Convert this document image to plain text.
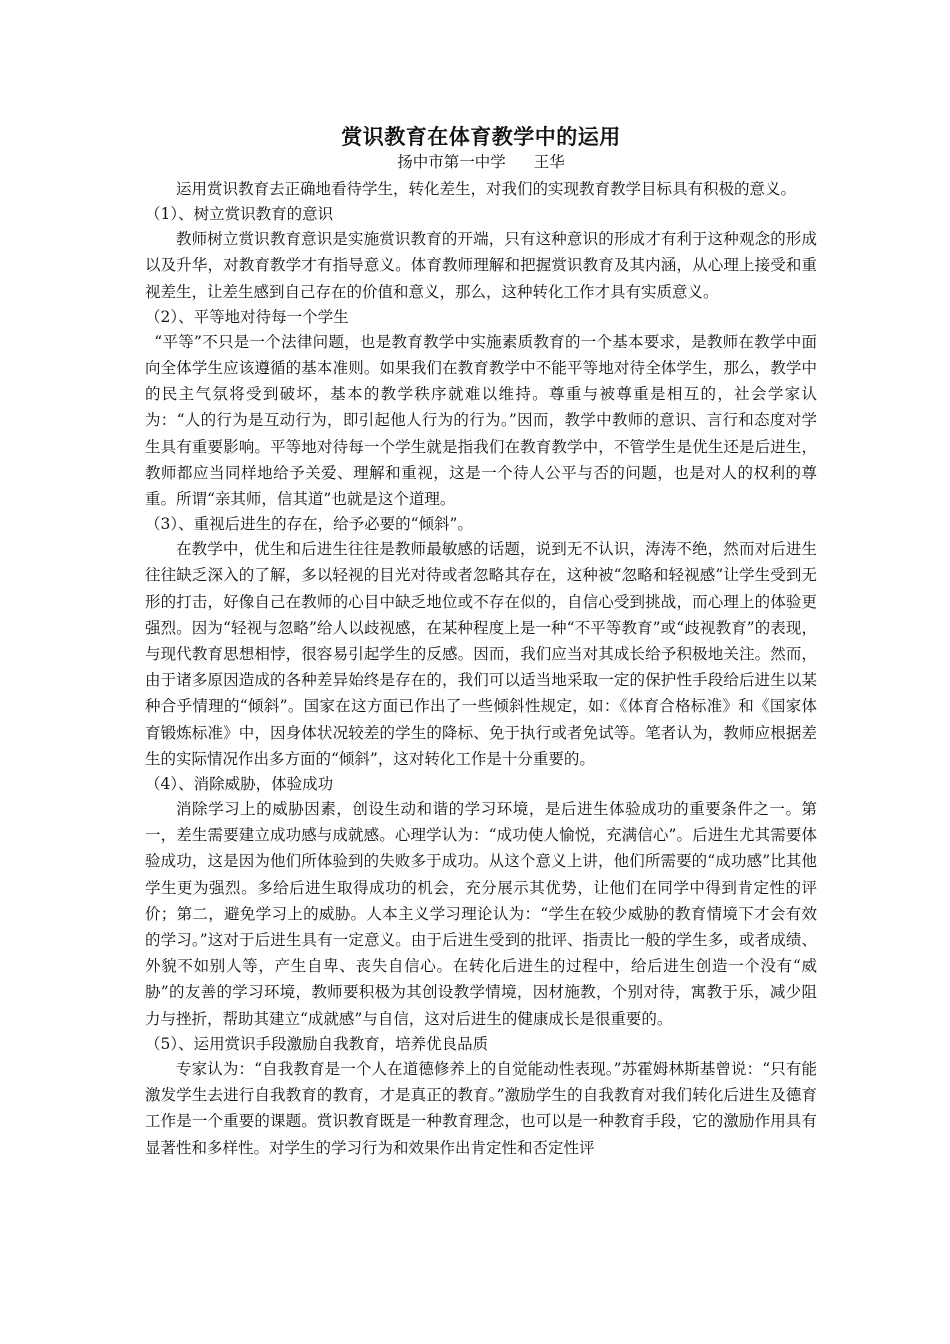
赏识教育在体育教学中的运用
扬中市第一中学 王华

运用赏识教育去正确地看待学生，转化差生，对我们的实现教育教学目标具有积极的意义。

（1）、树立赏识教育的意识

教师树立赏识教育意识是实施赏识教育的开端，只有这种意识的形成才有利于这种观念的形成以及升华，对教育教学才有指导意义。体育教师理解和把握赏识教育及其内涵，从心理上接受和重视差生，让差生感到自己存在的价值和意义，那么，这种转化工作才具有实质意义。

（2）、平等地对待每一个学生

“平等”不只是一个法律问题，也是教育教学中实施素质教育的一个基本要求，是教师在教学中面向全体学生应该遵循的基本准则。如果我们在教育教学中不能平等地对待全体学生，那么，教学中的民主气氛将受到破坏，基本的教学秩序就难以维持。尊重与被尊重是相互的，社会学家认为：“人的行为是互动行为，即引起他人行为的行为。”因而，教学中教师的意识、言行和态度对学生具有重要影响。平等地对待每一个学生就是指我们在教育教学中，不管学生是优生还是后进生，教师都应当同样地给予关爱、理解和重视，这是一个待人公平与否的问题，也是对人的权利的尊重。所谓“亲其师，信其道”也就是这个道理。

（3）、重视后进生的存在，给予必要的“倾斜”。

在教学中，优生和后进生往往是教师最敏感的话题，说到无不认识，涛涛不绝，然而对后进生往往缺乏深入的了解，多以轻视的目光对待或者忽略其存在，这种被“忽略和轻视感”让学生受到无形的打击，好像自己在教师的心目中缺乏地位或不存在似的，自信心受到挑战，而心理上的体验更强烈。因为“轻视与忽略”给人以歧视感，在某种程度上是一种“不平等教育”或“歧视教育”的表现，与现代教育思想相悖，很容易引起学生的反感。因而，我们应当对其成长给予积极地关注。然而，由于诸多原因造成的各种差异始终是存在的，我们可以适当地采取一定的保护性手段给后进生以某种合乎情理的“倾斜”。国家在这方面已作出了一些倾斜性规定，如：《体育合格标准》和《国家体育锻炼标准》中，因身体状况较差的学生的降标、免于执行或者免试等。笔者认为，教师应根据差生的实际情况作出多方面的“倾斜”，这对转化工作是十分重要的。

（4）、消除威胁，体验成功

消除学习上的威胁因素，创设生动和谐的学习环境，是后进生体验成功的重要条件之一。第一，差生需要建立成功感与成就感。心理学认为：“成功使人愉悦，充满信心”。后进生尤其需要体验成功，这是因为他们所体验到的失败多于成功。从这个意义上讲，他们所需要的“成功感”比其他学生更为强烈。多给后进生取得成功的机会，充分展示其优势，让他们在同学中得到肯定性的评价；第二，避免学习上的威胁。人本主义学习理论认为：“学生在较少威胁的教育情境下才会有效的学习。”这对于后进生具有一定意义。由于后进生受到的批评、指责比一般的学生多，或者成绩、外貌不如别人等，产生自卑、丧失自信心。在转化后进生的过程中，给后进生创造一个没有“威胁”的友善的学习环境，教师要积极为其创设教学情境，因材施教，个别对待，寓教于乐，减少阻力与挫折，帮助其建立“成就感”与自信，这对后进生的健康成长是很重要的。

（5）、运用赏识手段激励自我教育，培养优良品质

专家认为：“自我教育是一个人在道德修养上的自觉能动性表现。”苏霍姆林斯基曾说：“只有能激发学生去进行自我教育的教育，才是真正的教育。”激励学生的自我教育对我们转化后进生及德育工作是一个重要的课题。赏识教育既是一种教育理念，也可以是一种教育手段，它的激励作用具有显著性和多样性。对学生的学习行为和效果作出肯定性和否定性评
